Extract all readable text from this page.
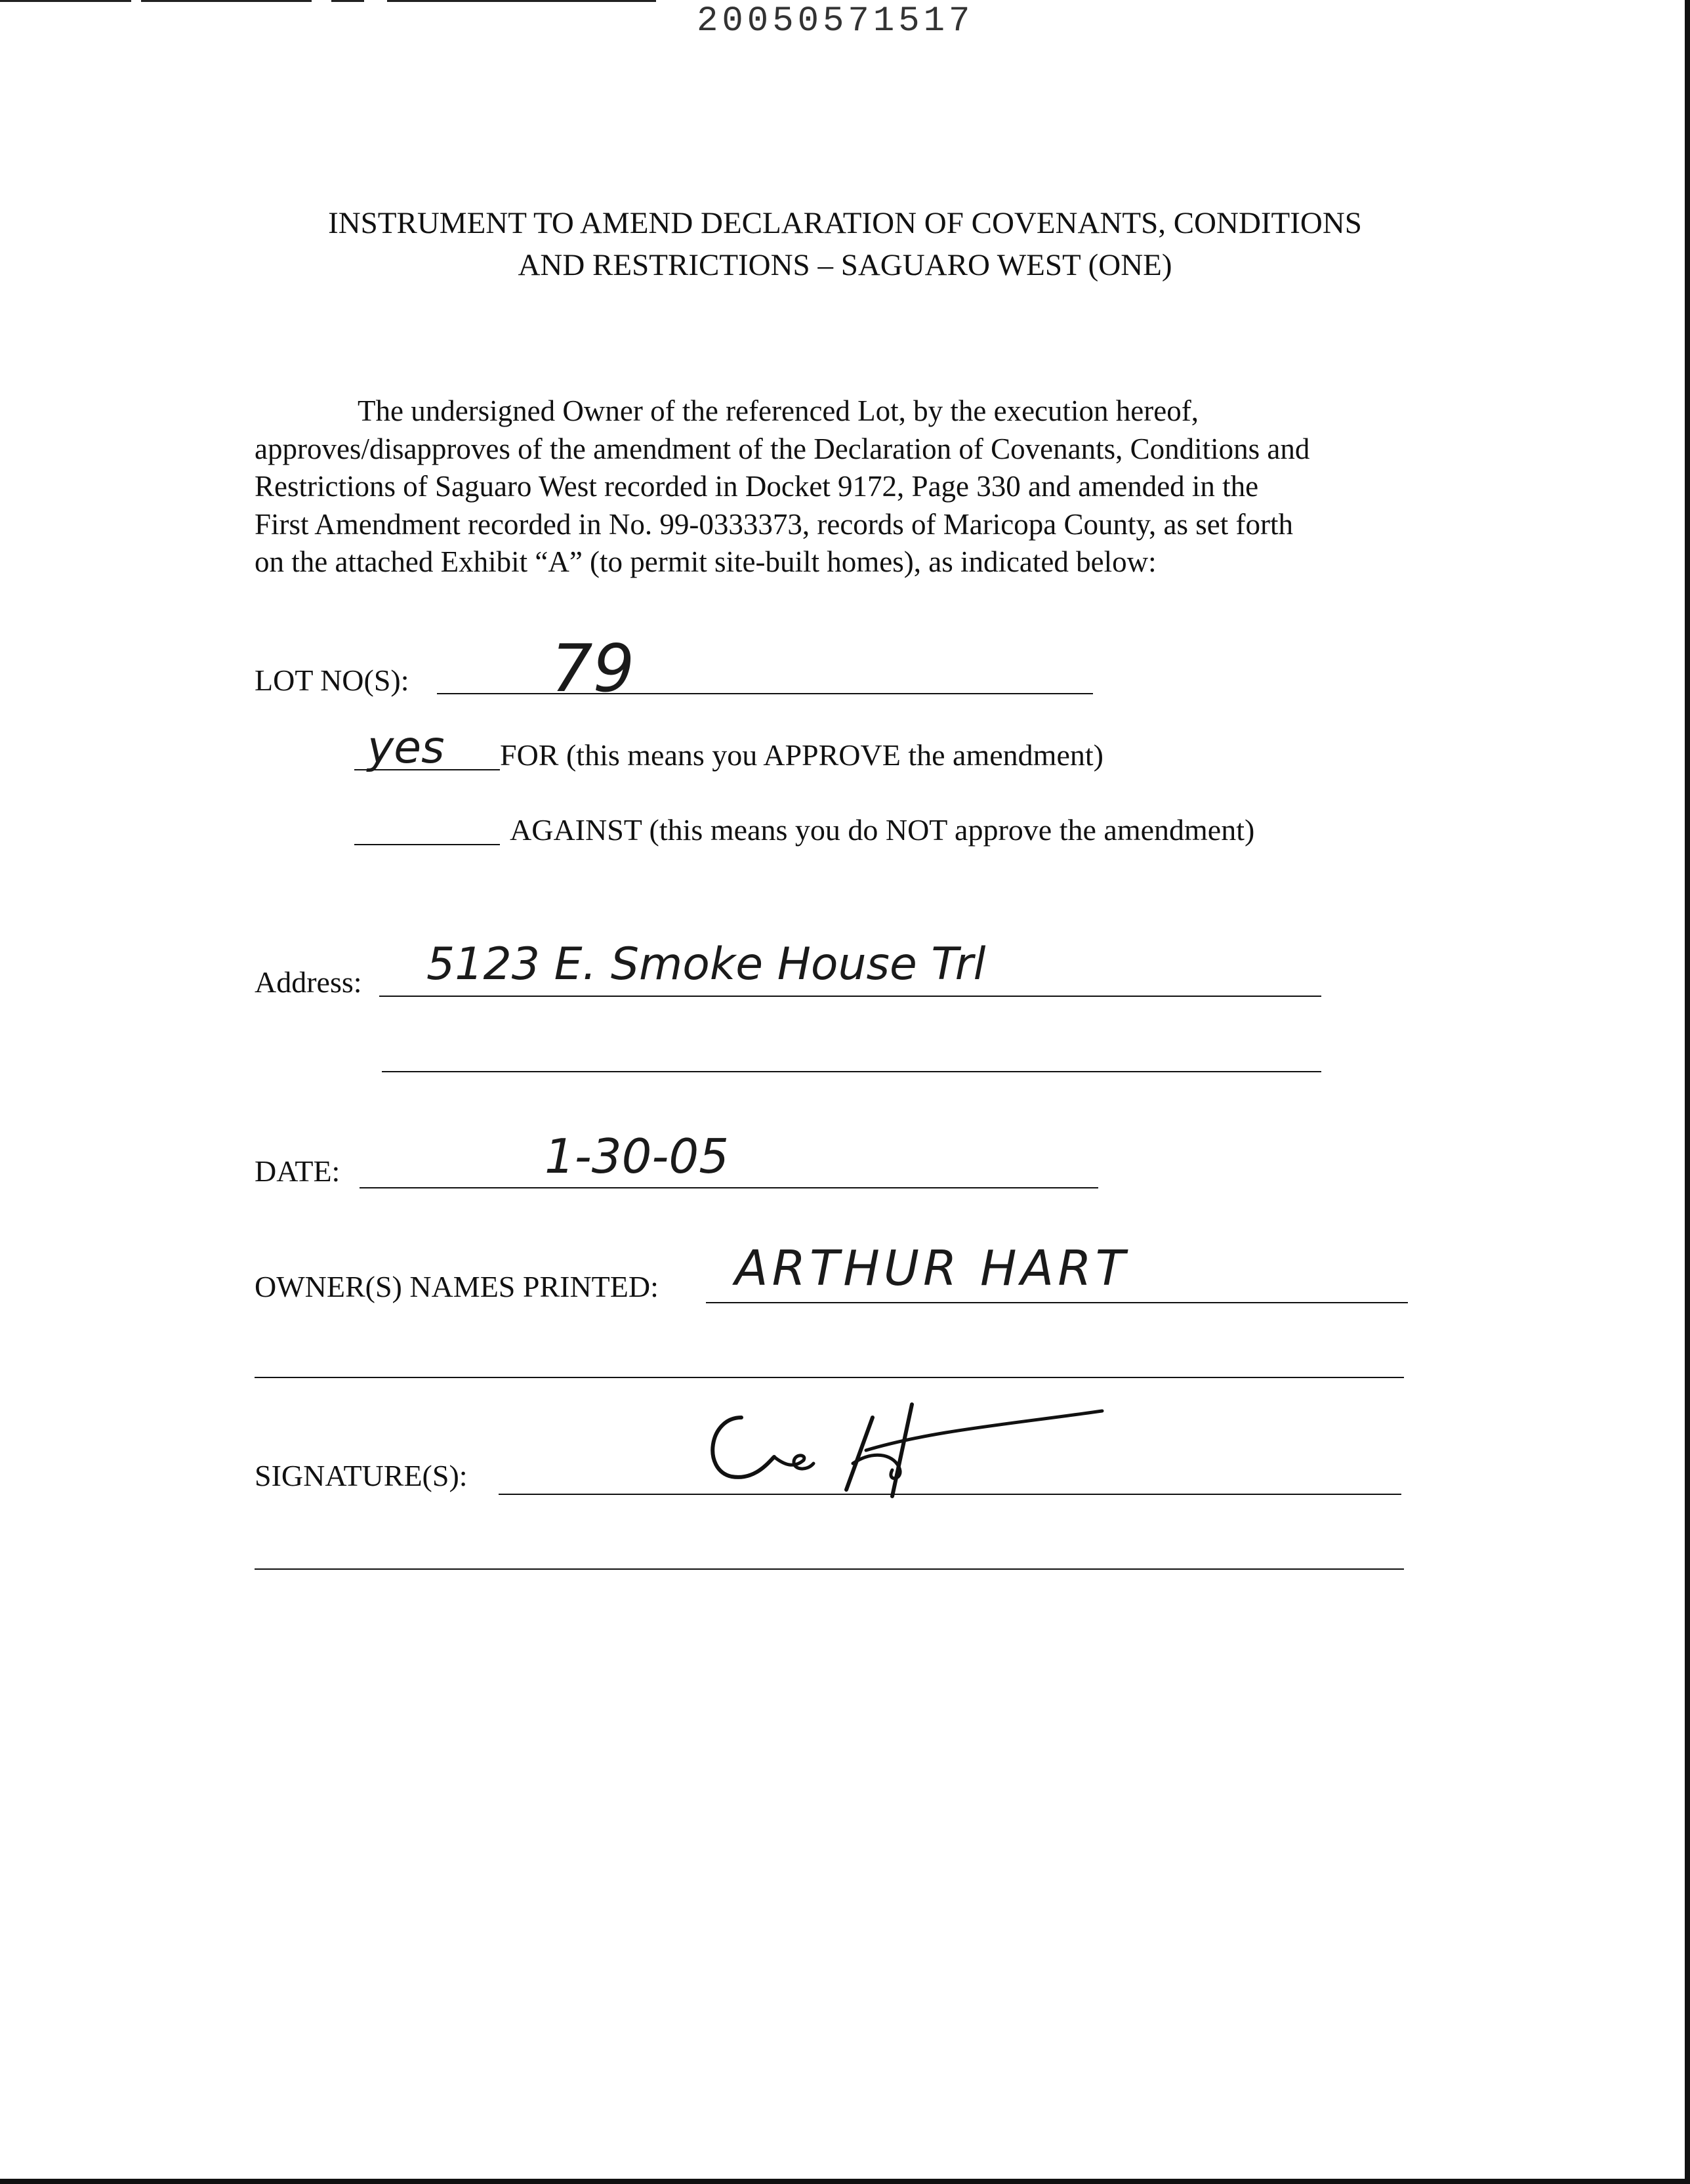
20050571517
INSTRUMENT TO AMEND DECLARATION OF COVENANTS, CONDITIONS
AND RESTRICTIONS – SAGUARO WEST (ONE)
The undersigned Owner of the referenced Lot, by the execution hereof,
approves/disapproves of the amendment of the Declaration of Covenants, Conditions and
Restrictions of Saguaro West recorded in Docket 9172, Page 330 and amended in the
First Amendment recorded in No. 99-0333373, records of Maricopa County, as set forth
on the attached Exhibit “A” (to permit site-built homes), as indicated below:
LOT NO(S): 79
yes FOR (this means you APPROVE the amendment)
AGAINST (this means you do NOT approve the amendment)
Address: 5123 E. Smoke House Trl
DATE:	1-30-05
OWNER(S) NAMES PRINTED: ARTHUR HART
SIGNATURE(S):
